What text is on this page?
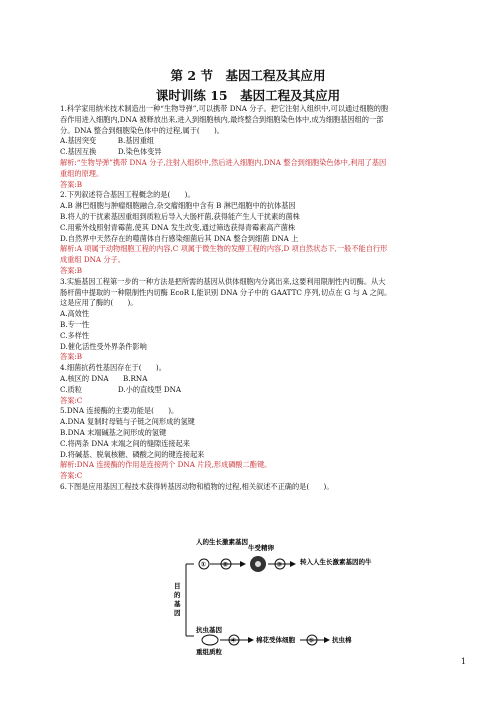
第 2 节　基因工程及其应用
课时训练 15　基因工程及其应用
1.科学家用纳米技术制造出一种“生物导弹”,可以携带 DNA 分子。把它注射入组织中,可以通过细胞的胞
吞作用进入细胞内,DNA 被释放出来,进入到细胞核内,最终整合到细胞染色体中,成为细胞基因组的一部
分。DNA 整合到细胞染色体中的过程,属于(　　)。
A.基因突变　　　B.基因重组
C.基因互换　　　D.染色体变异
解析:“生物导弹”携带 DNA 分子,注射入组织中,然后进入细胞内,DNA 整合到细胞染色体中,利用了基因
重组的原理。
答案:B
2.下列叙述符合基因工程概念的是(　　)。
A.B 淋巴细胞与肿瘤细胞融合,杂交瘤细胞中含有 B 淋巴细胞中的抗体基因
B.将人的干扰素基因重组到质粒后导入大肠杆菌,获得能产生人干扰素的菌株
C.用紫外线照射青霉菌,使其 DNA 发生改变,通过筛选获得青霉素高产菌株
D.自然界中天然存在的噬菌体自行感染细菌后其 DNA 整合到细菌 DNA 上
解析:A 项属于动物细胞工程的内容,C 项属于微生物的发酵工程的内容,D 项自然状态下,一般不能自行形
成重组 DNA 分子。
答案:B
3.实施基因工程第一步的一种方法是把所需的基因从供体细胞内分离出来,这要利用限制性内切酶。从大
肠杆菌中提取的一种限制性内切酶 EcoR Ⅰ,能识别 DNA 分子中的 GAATTC 序列,切点在 G 与 A 之间。
这是应用了酶的(　　)。
A.高效性
B.专一性
C.多样性
D.催化活性受外界条件影响
答案:B
4.细菌抗药性基因存在于(　　)。
A.核区的 DNA　　B.RNA
C.质粒　　　　　D.小的直线型 DNA
答案:C
5.DNA 连接酶的主要功能是(　　)。
A.DNA 复制时母链与子链之间形成的氢键
B.DNA 末端碱基之间形成的氢键
C.将两条 DNA 末端之间的缝隙连接起来
D.将碱基、脱氧核糖、磷酸之间的键连接起来
解析:DNA 连接酶的作用是连接两个 DNA 片段,形成磷酸二酯键。
答案:C
6.下图是应用基因工程技术获得转基因动物和植物的过程,相关叙述不正确的是(　　)。
目的基因
人的生长激素基因
①	②
牛受精卵
③	转入人生长激素基因的牛
抗虫基因
重组质粒
④	棉花受体细胞 ⑤	抗虫棉
1
